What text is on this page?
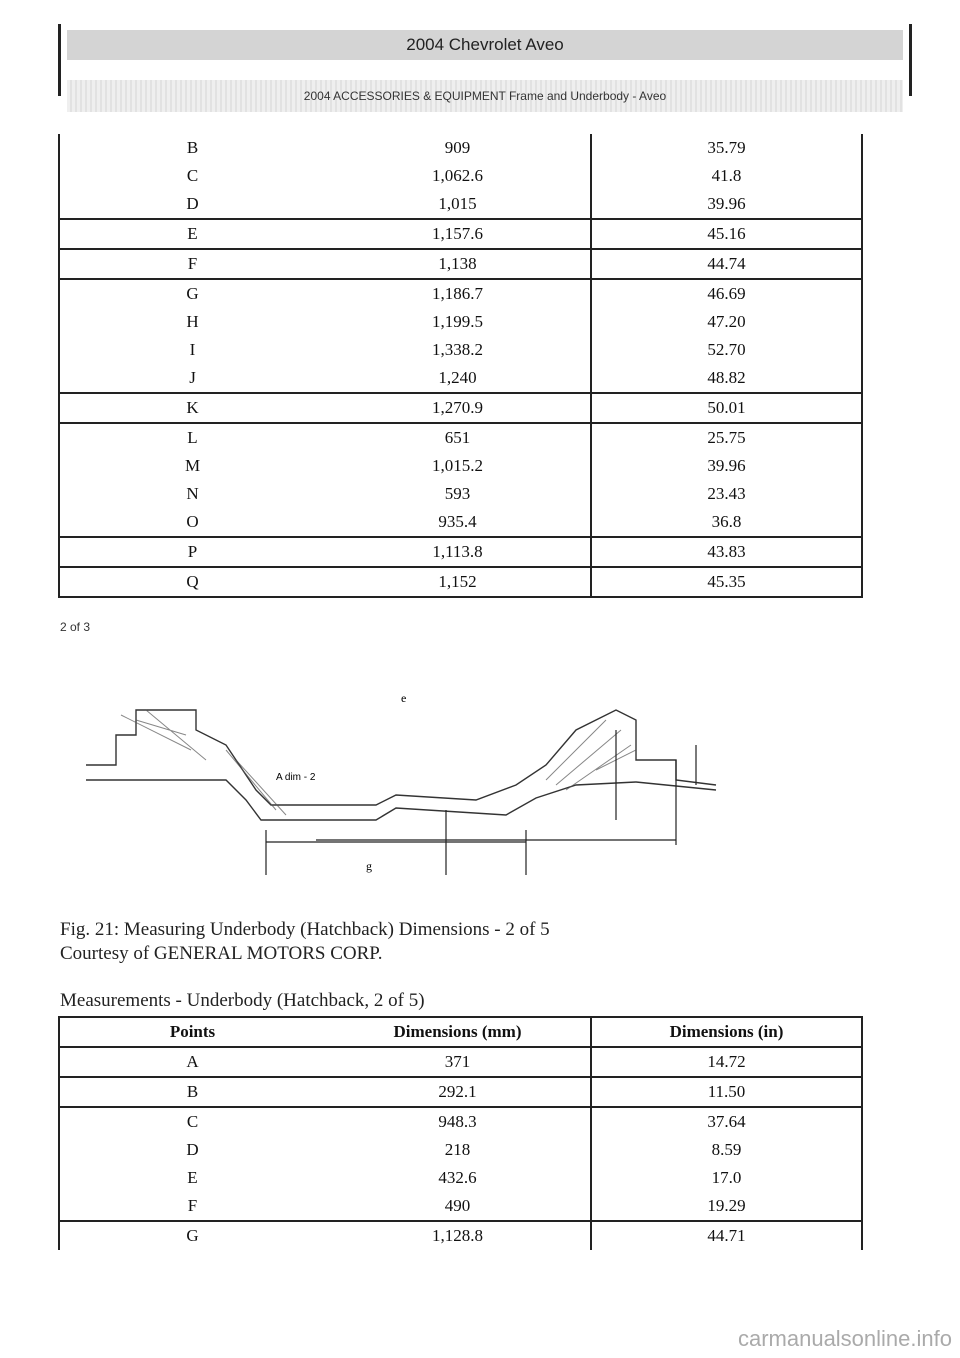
2004 Chevrolet Aveo
2004 ACCESSORIES & EQUIPMENT Frame and Underbody - Aveo
B	909	35.79
C	1,062.6	41.8
D	1,015	39.96
E	1,157.6	45.16
F	1,138	44.74
G	1,186.7	46.69
H	1,199.5	47.20
I	1,338.2	52.70
J	1,240	48.82
K	1,270.9	50.01
L	651	25.75
M	1,015.2	39.96
N	593	23.43
O	935.4	36.8
P	1,113.8	43.83
Q	1,152	45.35
2 of 3
e
g
A dim - 2
Fig. 21: Measuring Underbody (Hatchback) Dimensions - 2 of 5
Courtesy of GENERAL MOTORS CORP.
Measurements - Underbody (Hatchback, 2 of 5)
Points	Dimensions (mm)	Dimensions (in)
A	371	14.72
B	292.1	11.50
C	948.3	37.64
D	218	8.59
E	432.6	17.0
F	490	19.29
G	1,128.8	44.71
carmanualsonline.info
